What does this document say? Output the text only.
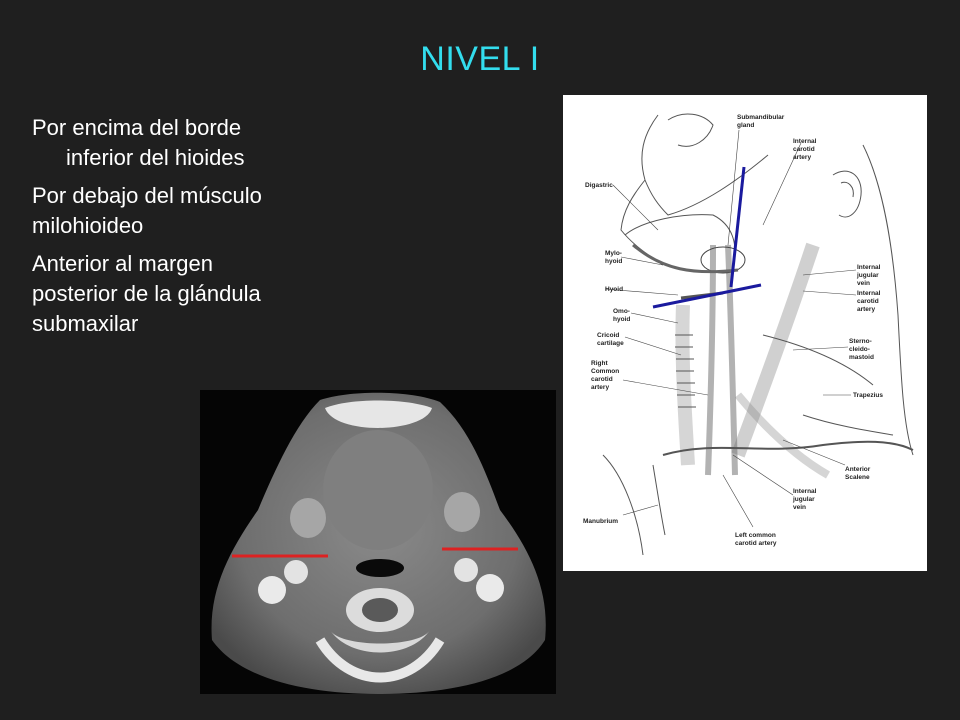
NIVEL I
Por encima del borde
inferior del hioides
Por debajo del músculo
milohioideo
Anterior al margen
posterior de la glándula
submaxilar
Submandibular
gland
Internal
carotid
artery
Digastric
Mylo-
hyoid
Hyoid
Omo-
hyoid
Cricoid
cartilage
Right
Common
carotid
artery
Manubrium
Internal
jugular
vein
Internal
carotid
artery
Sterno-
cleido-
mastoid
Trapezius
Anterior
Scalene
Internal
jugular
vein
Left common
carotid artery
